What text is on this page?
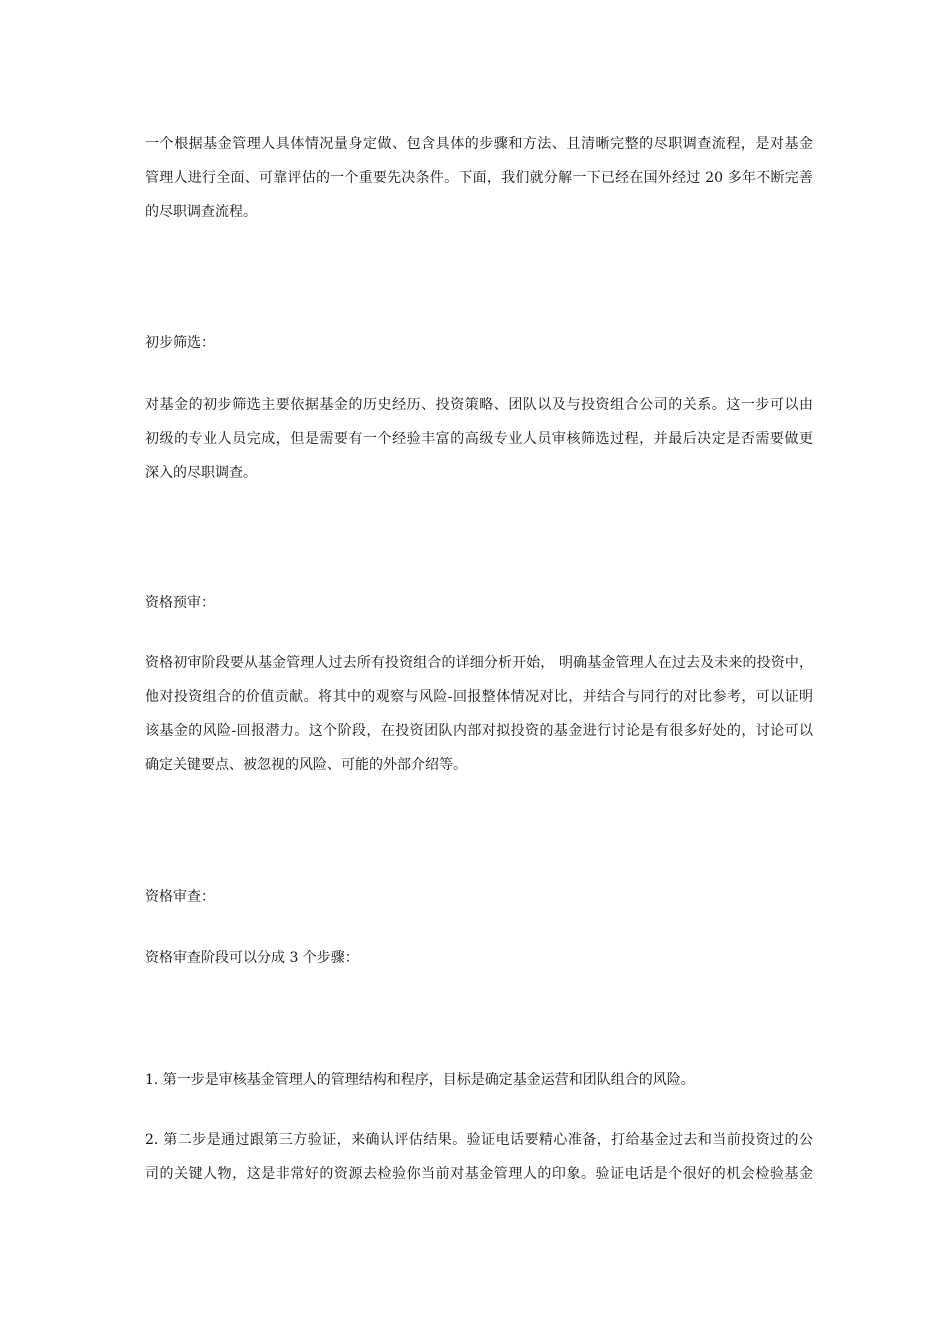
一个根据基金管理人具体情况量身定做、包含具体的步骤和方法、且清晰完整的尽职调查流程，是对基金
管理人进行全面、可靠评估的一个重要先决条件。下面，我们就分解一下已经在国外经过 20 多年不断完善
的尽职调查流程。
初步筛选：
对基金的初步筛选主要依据基金的历史经历、投资策略、团队以及与投资组合公司的关系。这一步可以由
初级的专业人员完成，但是需要有一个经验丰富的高级专业人员审核筛选过程，并最后决定是否需要做更
深入的尽职调查。
资格预审：
资格初审阶段要从基金管理人过去所有投资组合的详细分析开始， 明确基金管理人在过去及未来的投资中，
他对投资组合的价值贡献。将其中的观察与风险-回报整体情况对比，并结合与同行的对比参考，可以证明
该基金的风险-回报潜力。这个阶段，在投资团队内部对拟投资的基金进行讨论是有很多好处的，讨论可以
确定关键要点、被忽视的风险、可能的外部介绍等。
资格审查：
资格审查阶段可以分成 3 个步骤：
1. 第一步是审核基金管理人的管理结构和程序，目标是确定基金运营和团队组合的风险。
2. 第二步是通过跟第三方验证，来确认评估结果。验证电话要精心准备，打给基金过去和当前投资过的公
司的关键人物，这是非常好的资源去检验你当前对基金管理人的印象。验证电话是个很好的机会检验基金
